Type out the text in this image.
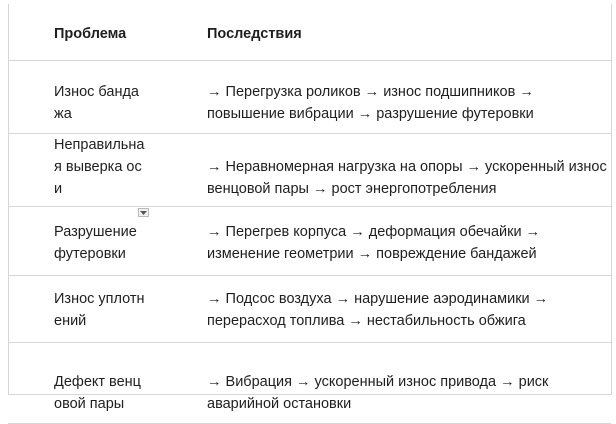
Проблема	Последствия
Износ бандажа	→ Перегрузка роликов → износ подшипников → повышение вибрации → разрушение футеровки
Неправильная выверка оси	→ Неравномерная нагрузка на опоры → ускоренный износ венцовой пары → рост энергопотребления

Разрушение футеровки	→ Перегрев корпуса → деформация обечайки → изменение геометрии → повреждение бандажей
Износ уплотнений	→ Подсос воздуха → нарушение аэродинамики → перерасход топлива → нестабильность обжига
Дефект венцовой пары	→ Вибрация → ускоренный износ привода → риск аварийной остановки
